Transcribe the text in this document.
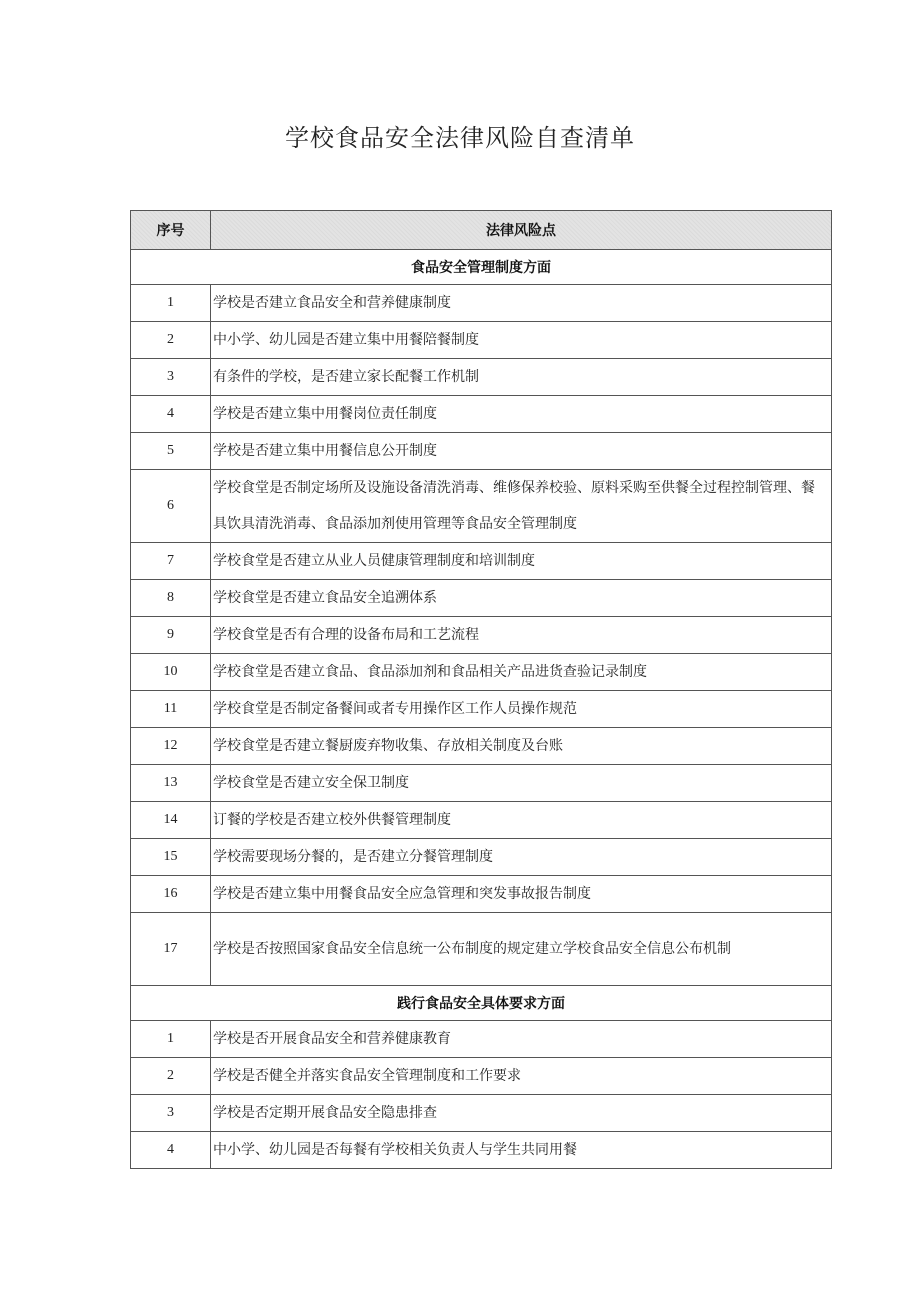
学校食品安全法律风险自查清单
序号	法律风险点
食品安全管理制度方面	
1	学校是否建立食品安全和营养健康制度
2	中小学、幼儿园是否建立集中用餐陪餐制度
3	有条件的学校，是否建立家长配餐工作机制
4	学校是否建立集中用餐岗位责任制度
5	学校是否建立集中用餐信息公开制度
6	学校食堂是否制定场所及设施设备清洗消毒、维修保养校验、原料采购至供餐全过程控制管理、餐具饮具清洗消毒、食品添加剂使用管理等食品安全管理制度
7	学校食堂是否建立从业人员健康管理制度和培训制度
8	学校食堂是否建立食品安全追溯体系
9	学校食堂是否有合理的设备布局和工艺流程
10	学校食堂是否建立食品、食品添加剂和食品相关产品进货查验记录制度
11	学校食堂是否制定备餐间或者专用操作区工作人员操作规范
12	学校食堂是否建立餐厨废弃物收集、存放相关制度及台账
13	学校食堂是否建立安全保卫制度
14	订餐的学校是否建立校外供餐管理制度
15	学校需要现场分餐的，是否建立分餐管理制度
16	学校是否建立集中用餐食品安全应急管理和突发事故报告制度
17	学校是否按照国家食品安全信息统一公布制度的规定建立学校食品安全信息公布机制
践行食品安全具体要求方面	
1	学校是否开展食品安全和营养健康教育
2	学校是否健全并落实食品安全管理制度和工作要求
3	学校是否定期开展食品安全隐患排查
4	中小学、幼儿园是否每餐有学校相关负责人与学生共同用餐
